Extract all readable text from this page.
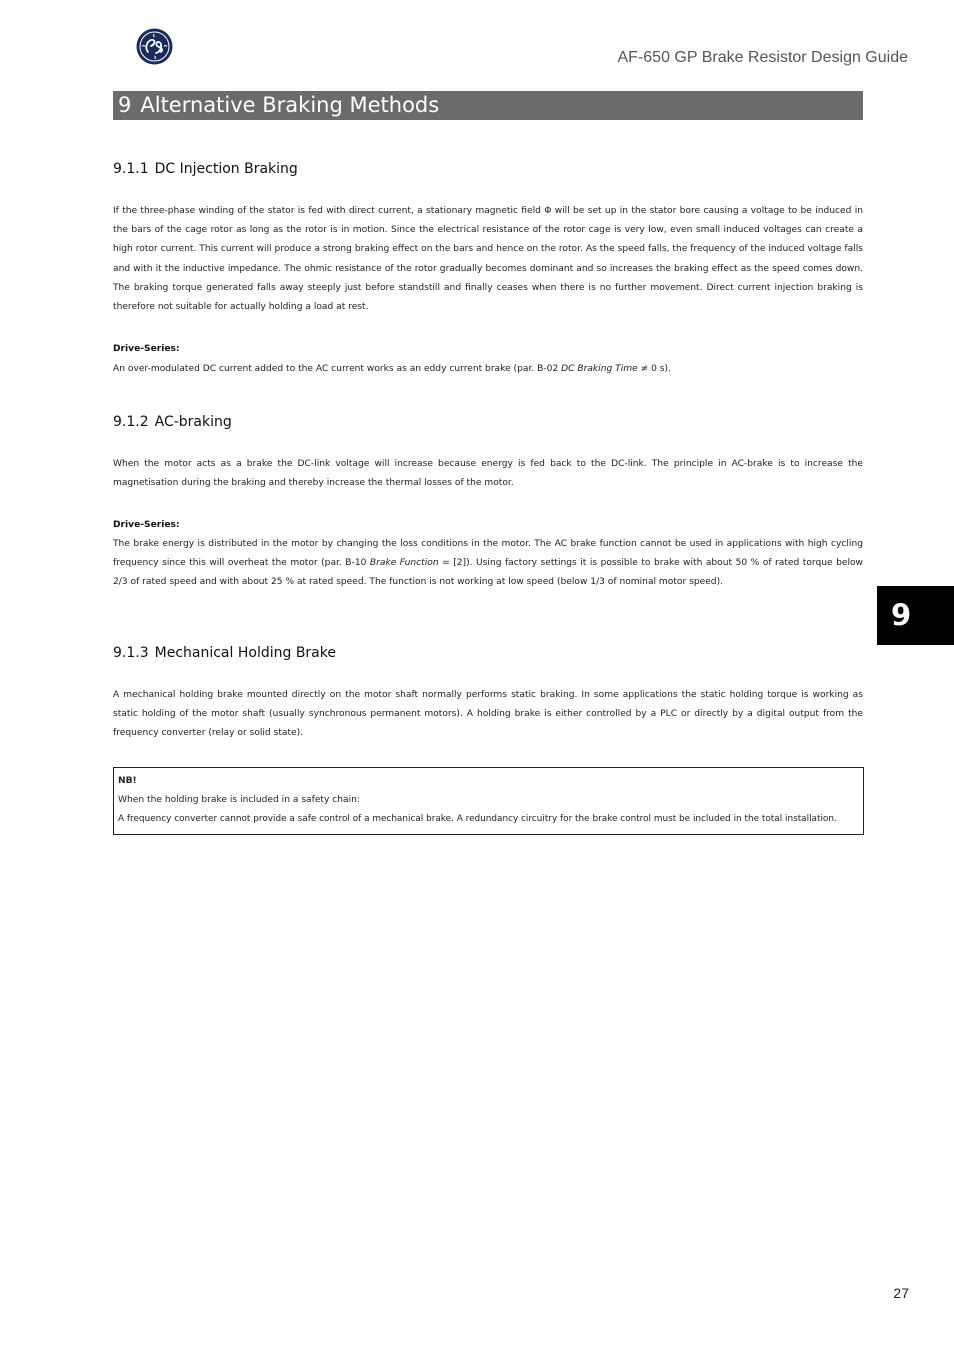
AF-650 GP Brake Resistor Design Guide
9 Alternative Braking Methods
9
9.1.1 DC Injection Braking

If the three-phase winding of the stator is fed with direct current, a stationary magnetic field Φ will be set up in the stator bore causing a voltage to be induced in the bars of the cage rotor as long as the rotor is in motion. Since the electrical resistance of the rotor cage is very low, even small induced voltages can create a high rotor current. This current will produce a strong braking effect on the bars and hence on the rotor. As the speed falls, the frequency of the induced voltage falls and with it the inductive impedance. The ohmic resistance of the rotor gradually becomes dominant and so increases the braking effect as the speed comes down. The braking torque generated falls away steeply just before standstill and finally ceases when there is no further movement. Direct current injection braking is therefore not suitable for actually holding a load at rest.

Drive-Series:

An over-modulated DC current added to the AC current works as an eddy current brake (par. B-02 DC Braking Time ≠ 0 s).

9.1.2 AC-braking

When the motor acts as a brake the DC-link voltage will increase because energy is fed back to the DC-link. The principle in AC-brake is to increase the magnetisation during the braking and thereby increase the thermal losses of the motor.

Drive-Series:

The brake energy is distributed in the motor by changing the loss conditions in the motor. The AC brake function cannot be used in applications with high cycling frequency since this will overheat the motor (par. B-10 Brake Function = [2]). Using factory settings it is possible to brake with about 50 % of rated torque below 2/3 of rated speed and with about 25 % at rated speed. The function is not working at low speed (below 1/3 of nominal motor speed).

9.1.3 Mechanical Holding Brake

A mechanical holding brake mounted directly on the motor shaft normally performs static braking. In some applications the static holding torque is working as static holding of the motor shaft (usually synchronous permanent motors). A holding brake is either controlled by a PLC or directly by a digital output from the frequency converter (relay or solid state).

NB!
When the holding brake is included in a safety chain:
A frequency converter cannot provide a safe control of a mechanical brake. A redundancy circuitry for the brake control must be included in the total installation.
27
